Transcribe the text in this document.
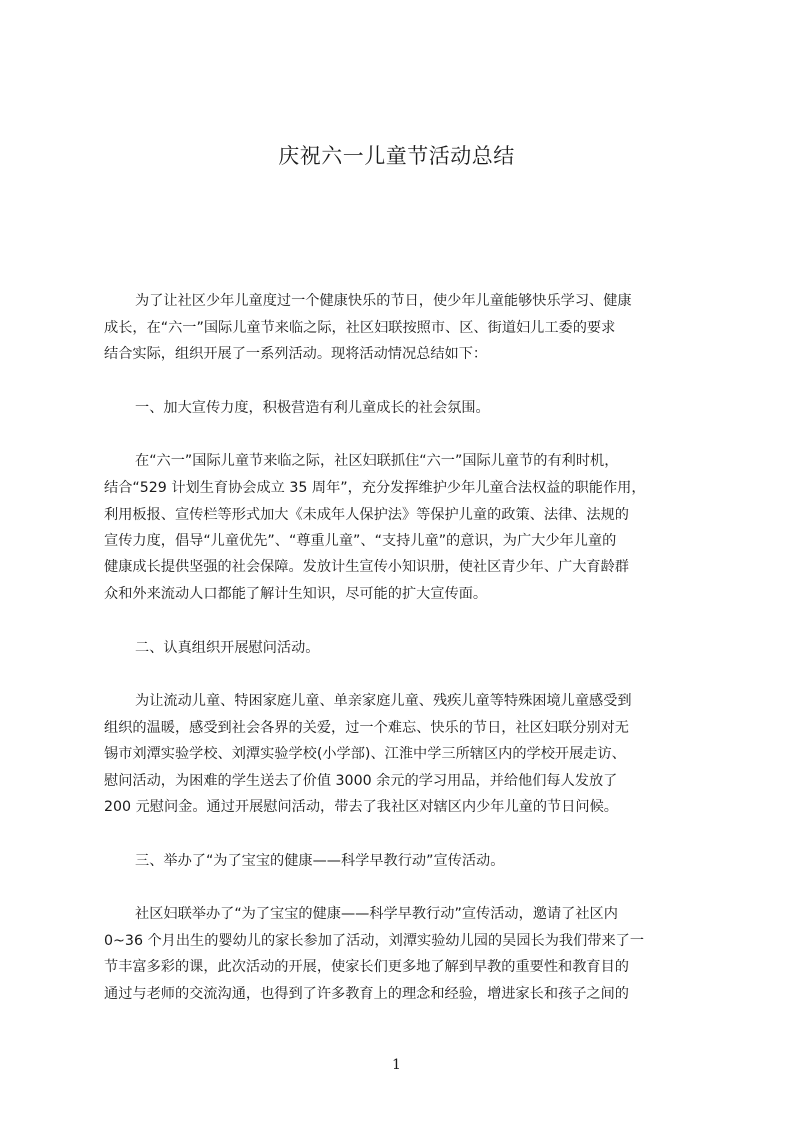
庆祝六一儿童节活动总结
为了让社区少年儿童度过一个健康快乐的节日，使少年儿童能够快乐学习、健康
成长，在“六一”国际儿童节来临之际，社区妇联按照市、区、街道妇儿工委的要求
结合实际，组织开展了一系列活动。现将活动情况总结如下：
一、加大宣传力度，积极营造有利儿童成长的社会氛围。
在“六一”国际儿童节来临之际，社区妇联抓住“六一”国际儿童节的有利时机，
结合“529 计划生育协会成立 35 周年”，充分发挥维护少年儿童合法权益的职能作用，
利用板报、宣传栏等形式加大《未成年人保护法》等保护儿童的政策、法律、法规的
宣传力度，倡导“儿童优先”、“尊重儿童”、“支持儿童”的意识，为广大少年儿童的
健康成长提供坚强的社会保障。发放计生宣传小知识册，使社区青少年、广大育龄群
众和外来流动人口都能了解计生知识，尽可能的扩大宣传面。
二、认真组织开展慰问活动。
为让流动儿童、特困家庭儿童、单亲家庭儿童、残疾儿童等特殊困境儿童感受到
组织的温暖，感受到社会各界的关爱，过一个难忘、快乐的节日，社区妇联分别对无
锡市刘潭实验学校、刘潭实验学校(小学部)、江淮中学三所辖区内的学校开展走访、
慰问活动，为困难的学生送去了价值 3000 余元的学习用品，并给他们每人发放了
200 元慰问金。通过开展慰问活动，带去了我社区对辖区内少年儿童的节日问候。
三、举办了“为了宝宝的健康——科学早教行动”宣传活动。
社区妇联举办了“为了宝宝的健康——科学早教行动”宣传活动，邀请了社区内
0~36 个月出生的婴幼儿的家长参加了活动，刘潭实验幼儿园的吴园长为我们带来了一
节丰富多彩的课，此次活动的开展，使家长们更多地了解到早教的重要性和教育目的
通过与老师的交流沟通，也得到了许多教育上的理念和经验，增进家长和孩子之间的
1
